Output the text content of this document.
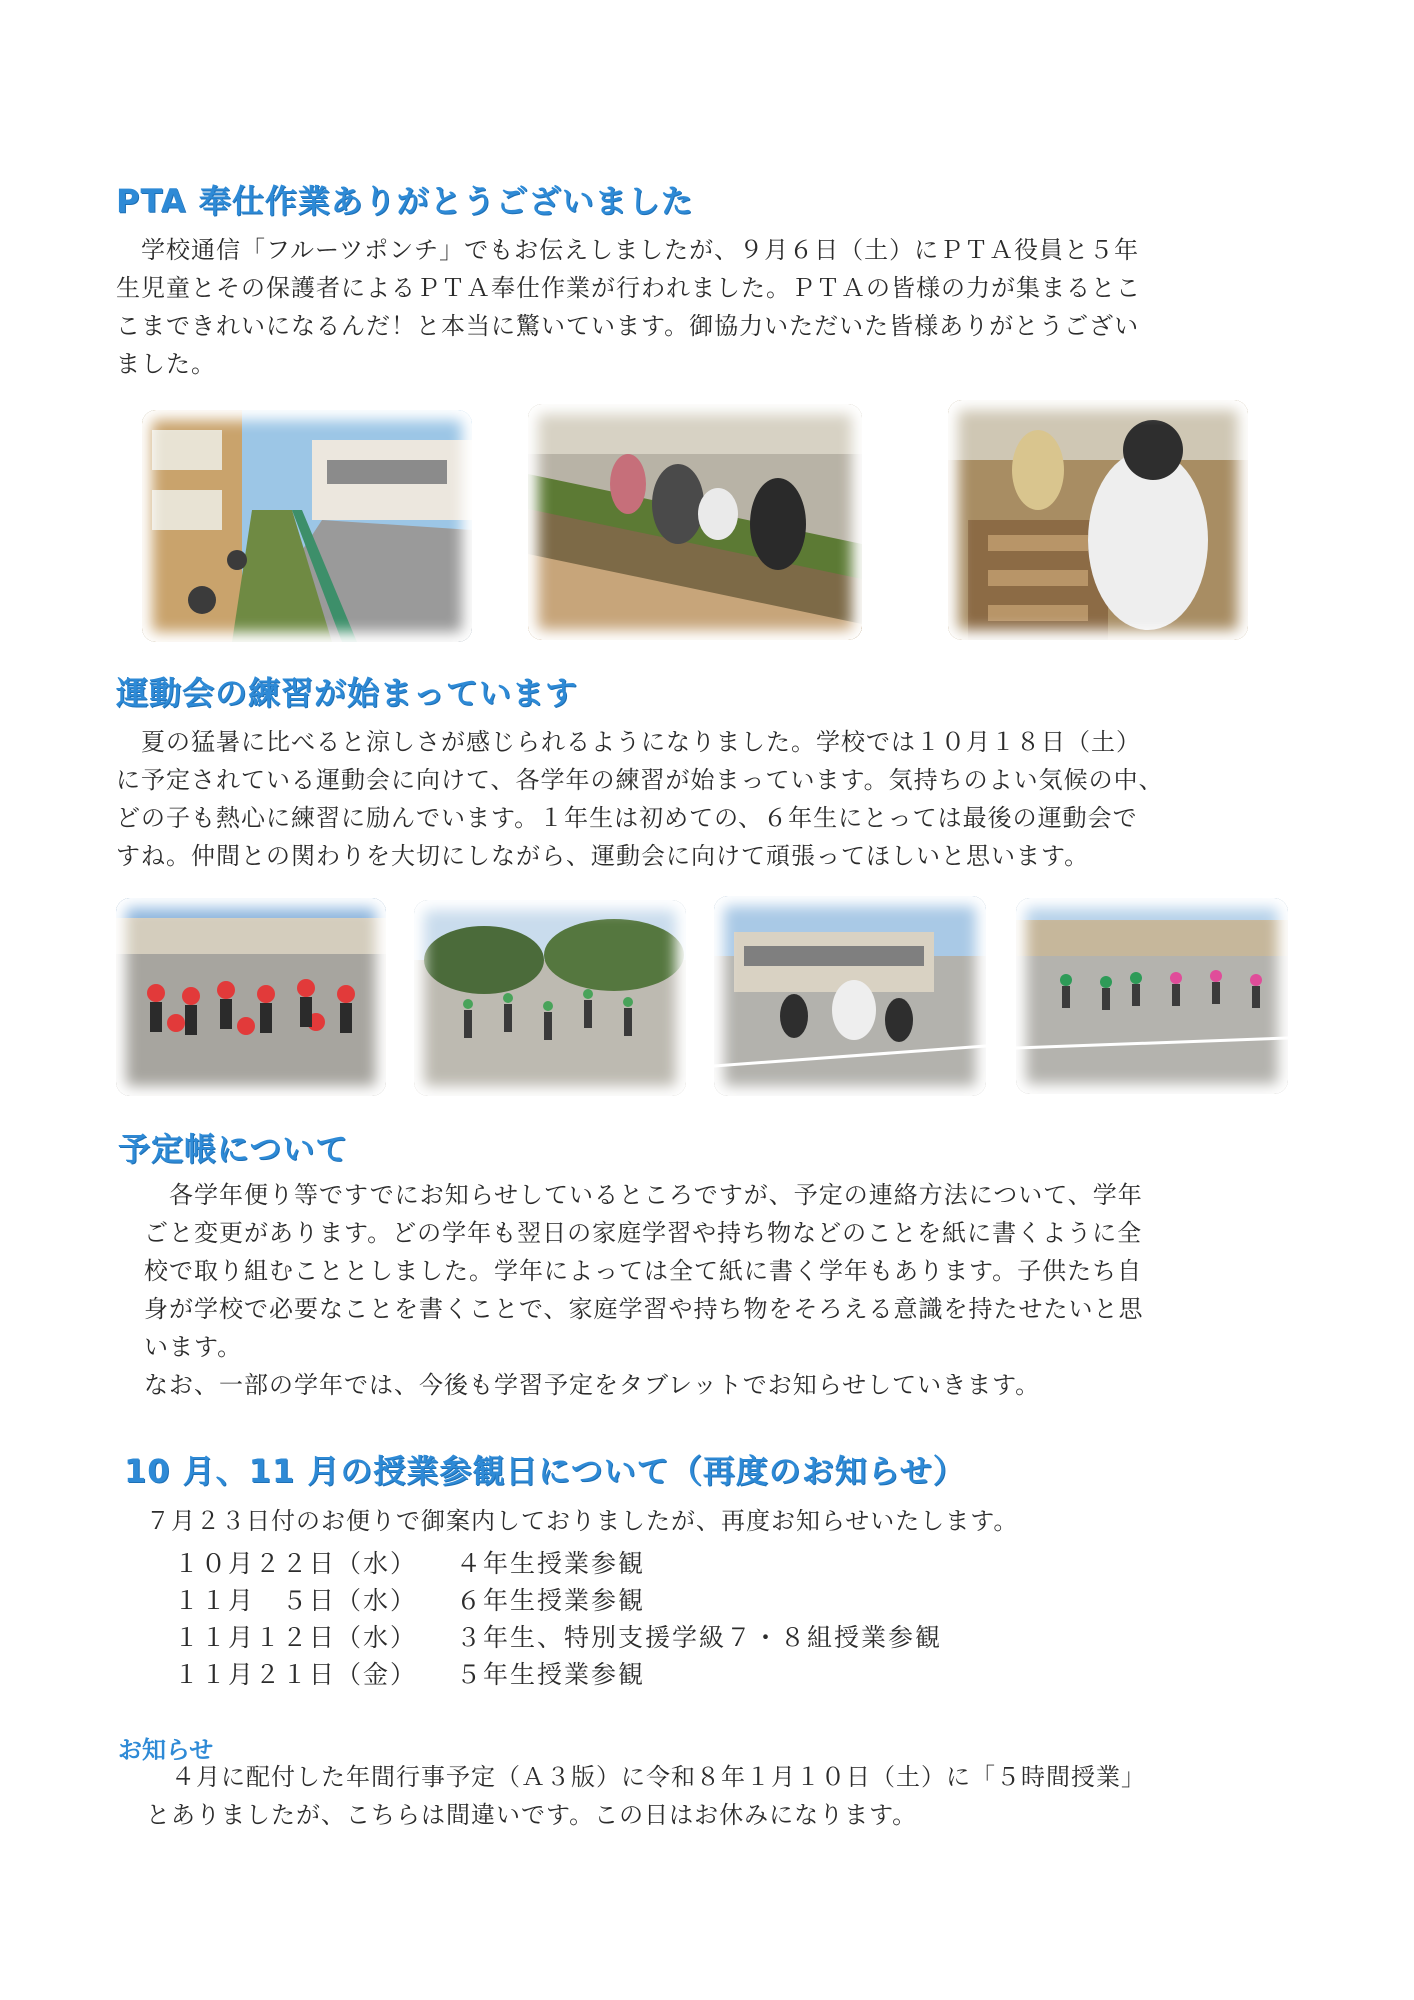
PTA 奉仕作業ありがとうございました

　学校通信「フルーツポンチ」でもお伝えしましたが、９月６日（土）にＰＴＡ役員と５年
生児童とその保護者によるＰＴＡ奉仕作業が行われました。ＰＴＡの皆様の力が集まるとこ
こまできれいになるんだ！と本当に驚いています。御協力いただいた皆様ありがとうござい
ました。

運動会の練習が始まっています

　夏の猛暑に比べると涼しさが感じられるようになりました。学校では１０月１８日（土）
に予定されている運動会に向けて、各学年の練習が始まっています。気持ちのよい気候の中、
どの子も熱心に練習に励んでいます。１年生は初めての、６年生にとっては最後の運動会で
すね。仲間との関わりを大切にしながら、運動会に向けて頑張ってほしいと思います。

予定帳について

　各学年便り等ですでにお知らせしているところですが、予定の連絡方法について、学年
ごと変更があります。どの学年も翌日の家庭学習や持ち物などのことを紙に書くように全
校で取り組むこととしました。学年によっては全て紙に書く学年もあります。子供たち自
身が学校で必要なことを書くことで、家庭学習や持ち物をそろえる意識を持たせたいと思
います。
なお、一部の学年では、今後も学習予定をタブレットでお知らせしていきます。

10 月、11 月の授業参観日について（再度のお知らせ）

７月２３日付のお便りで御案内しておりましたが、再度お知らせいたします。

１０月２２日（水） ４年生授業参観
１１月　５日（水） ６年生授業参観
１１月１２日（水） ３年生、特別支援学級７・８組授業参観
１１月２１日（金） ５年生授業参観
お知らせ

　４月に配付した年間行事予定（Ａ３版）に令和８年１月１０日（土）に「５時間授業」
とありましたが、こちらは間違いです。この日はお休みになります。
